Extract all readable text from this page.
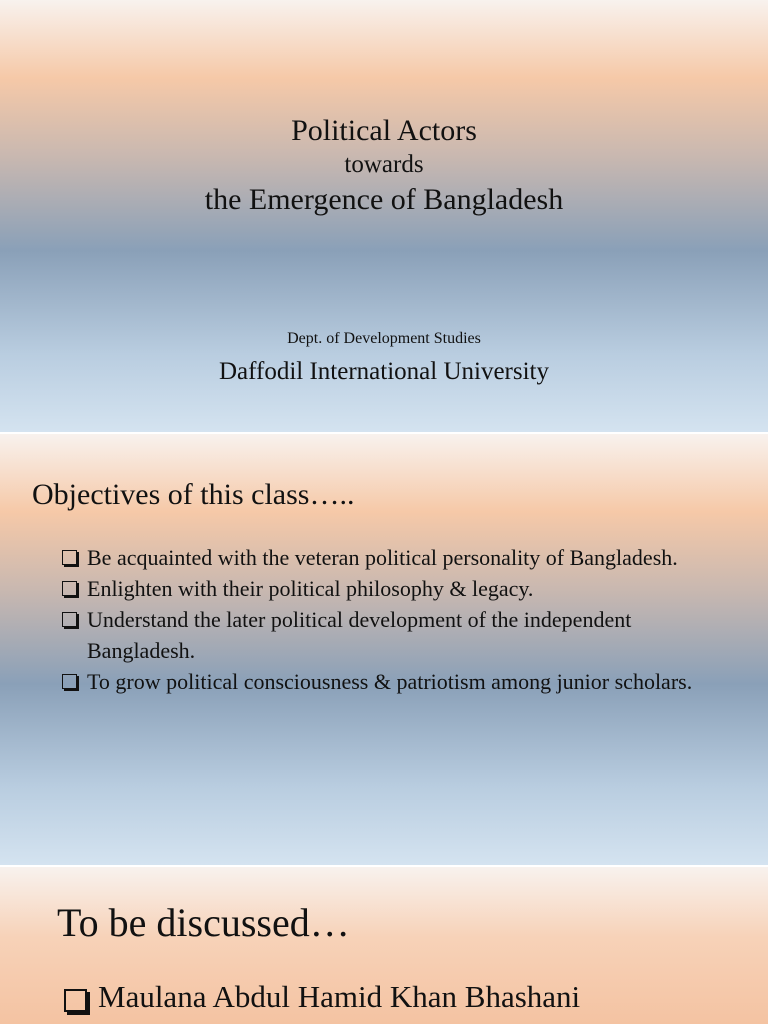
Political Actors
towards
the Emergence of Bangladesh
Dept. of Development Studies
Daffodil International University
Objectives of this class…..
Be acquainted with the veteran political personality of Bangladesh.
Enlighten with their political philosophy & legacy.
Understand the later political development of the independent Bangladesh.
To grow political consciousness & patriotism among junior scholars.
To be discussed…
Maulana Abdul Hamid Khan Bhashani
